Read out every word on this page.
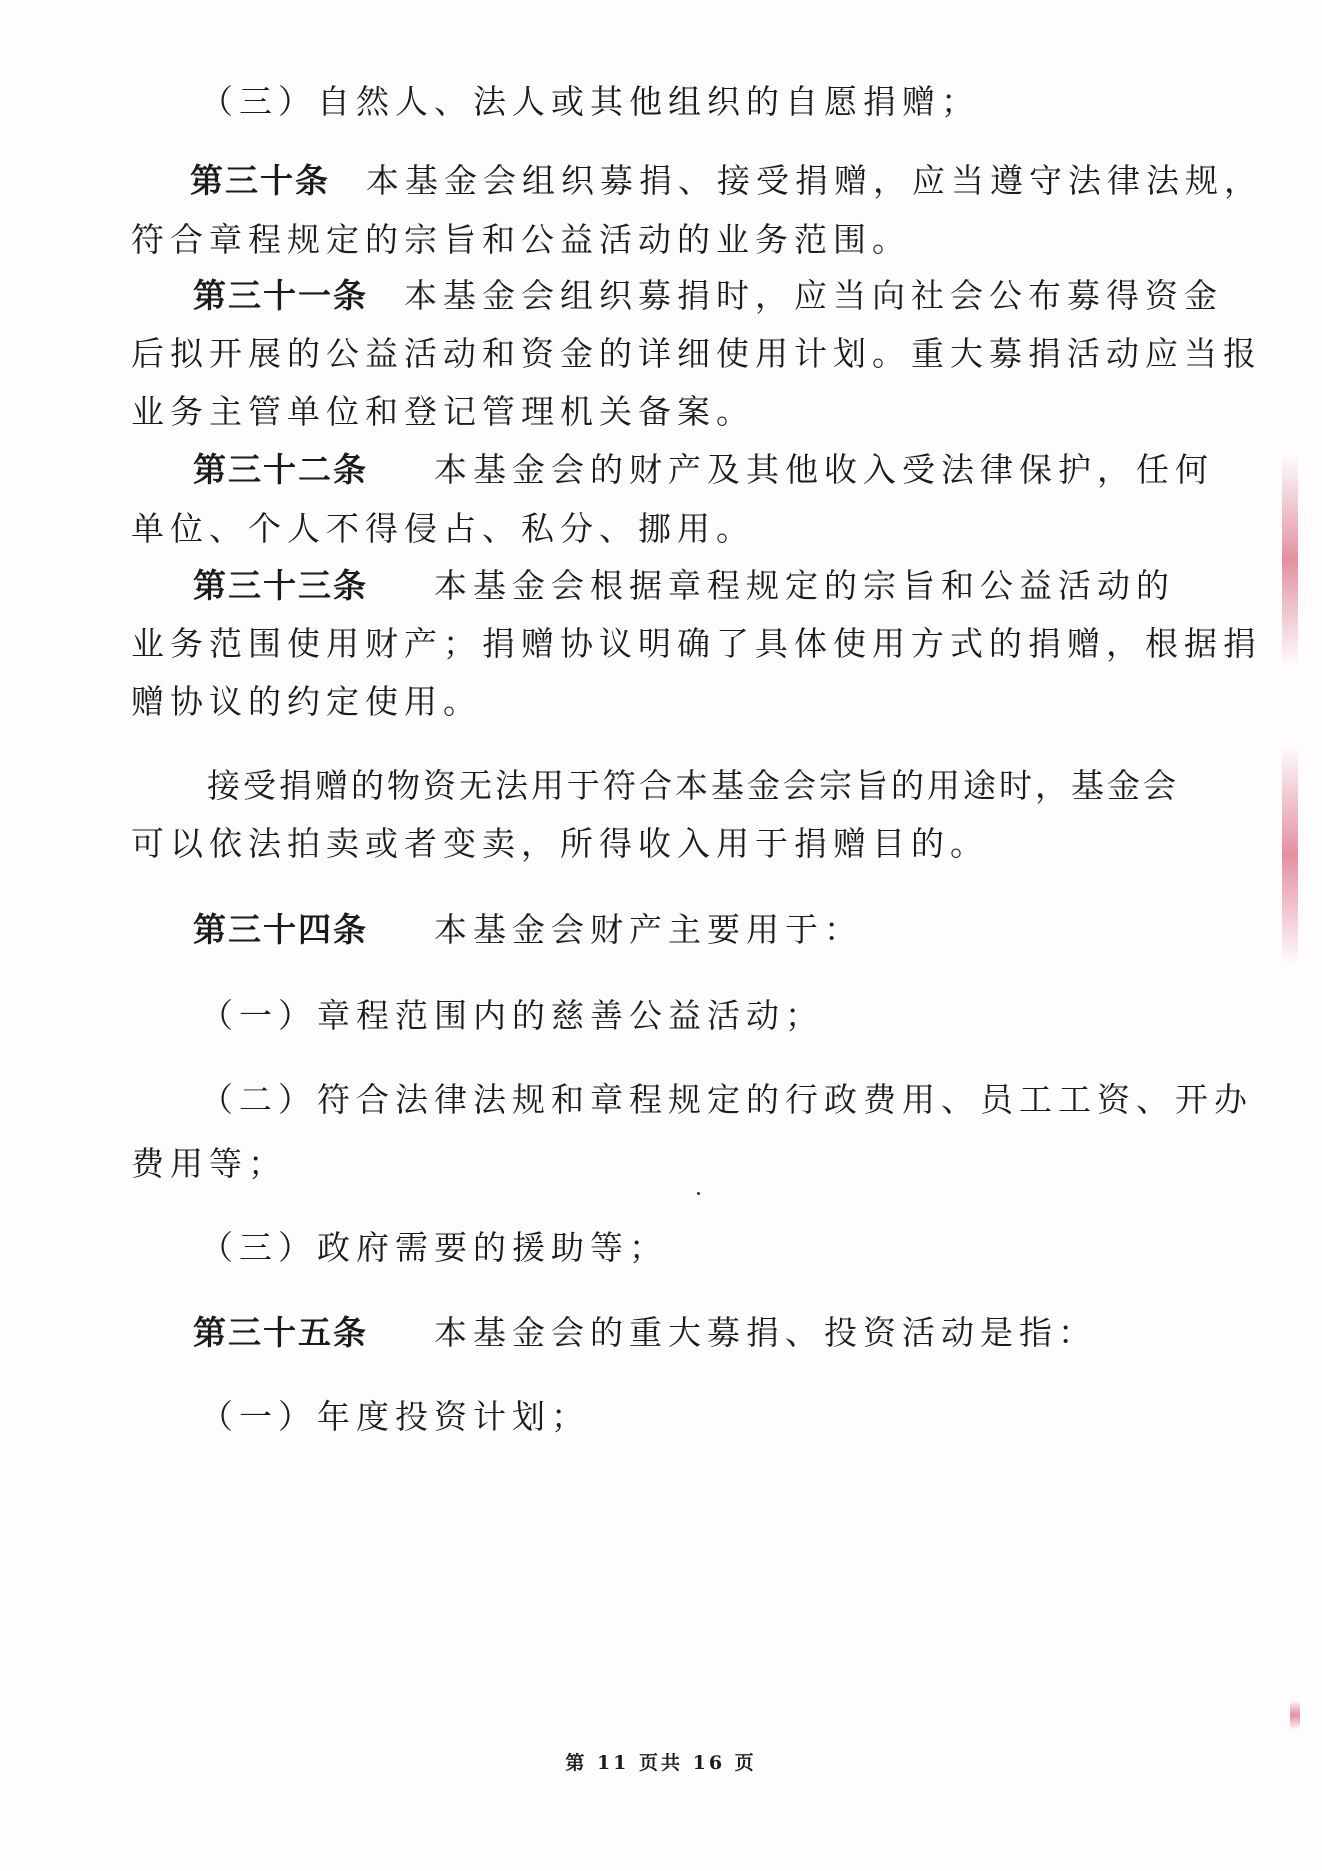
（三）自然人、法人或其他组织的自愿捐赠；
第三十条 本基金会组织募捐、接受捐赠，应当遵守法律法规，
符合章程规定的宗旨和公益活动的业务范围。
第三十一条 本基金会组织募捐时，应当向社会公布募得资金
后拟开展的公益活动和资金的详细使用计划。重大募捐活动应当报
业务主管单位和登记管理机关备案。
第三十二条 本基金会的财产及其他收入受法律保护，任何
单位、个人不得侵占、私分、挪用。
第三十三条 本基金会根据章程规定的宗旨和公益活动的
业务范围使用财产；捐赠协议明确了具体使用方式的捐赠，根据捐
赠协议的约定使用。
接受捐赠的物资无法用于符合本基金会宗旨的用途时，基金会
可以依法拍卖或者变卖，所得收入用于捐赠目的。
第三十四条 本基金会财产主要用于：
（一）章程范围内的慈善公益活动；
（二）符合法律法规和章程规定的行政费用、员工工资、开办
费用等；
（三）政府需要的援助等；
第三十五条 本基金会的重大募捐、投资活动是指：
（一）年度投资计划；
第 11 页共 16 页
